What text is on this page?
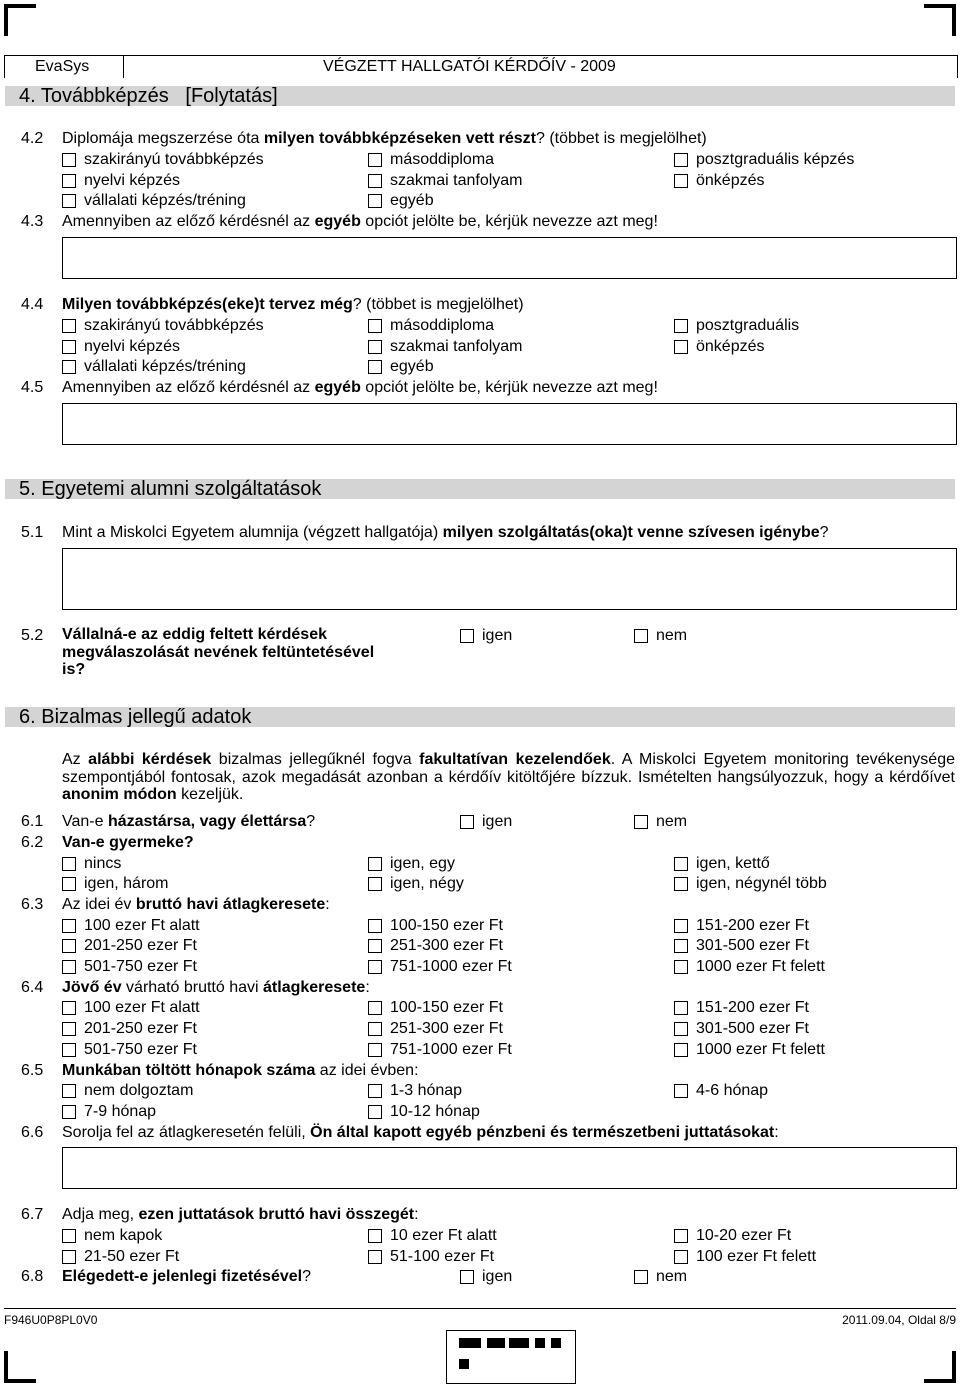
EvaSys	VÉGZETT HALLGATÓI KÉRDŐÍV - 2009
4. Továbbképzés   [Folytatás]
4.2 Diplomája megszerzése óta milyen továbbképzéseken vett részt? (többet is megjelölhet)
szakirányú továbbképzés	másoddiploma	posztgraduális képzés
nyelvi képzés	szakmai tanfolyam	önképzés
vállalati képzés/tréning	egyéb
4.3 Amennyiben az előző kérdésnél az egyéb opciót jelölte be, kérjük nevezze azt meg!
4.4 Milyen továbbképzés(eke)t tervez még? (többet is megjelölhet)
szakirányú továbbképzés	másoddiploma	posztgraduális
nyelvi képzés	szakmai tanfolyam	önképzés
vállalati képzés/tréning	egyéb
4.5 Amennyiben az előző kérdésnél az egyéb opciót jelölte be, kérjük nevezze azt meg!
5. Egyetemi alumni szolgáltatások
5.1 Mint a Miskolci Egyetem alumnija (végzett hallgatója) milyen szolgáltatás(oka)t venne szívesen igénybe?
5.2 Vállalná-e az eddig feltett kérdések
megválaszolását nevének feltüntetésével
is?
igen	nem
6. Bizalmas jellegű adatok
Az alábbi kérdések bizalmas jellegűknél fogva fakultatívan kezelendőek. A Miskolci Egyetem monitoring tevékenysége szempontjából fontosak, azok megadását azonban a kérdőív kitöltőjére bízzuk. Ismételten hangsúlyozzuk, hogy a kérdőívet anonim módon kezeljük.
6.1 Van-e házastársa, vagy élettársa?	igen	nem
6.2 Van-e gyermeke?
nincs	igen, egy	igen, kettő
igen, három	igen, négy	igen, négynél több
6.3 Az idei év bruttó havi átlagkeresete:
100 ezer Ft alatt	100-150 ezer Ft	151-200 ezer Ft
201-250 ezer Ft	251-300 ezer Ft	301-500 ezer Ft
501-750 ezer Ft	751-1000 ezer Ft	1000 ezer Ft felett
6.4 Jövő év várható bruttó havi átlagkeresete:
100 ezer Ft alatt	100-150 ezer Ft	151-200 ezer Ft
201-250 ezer Ft	251-300 ezer Ft	301-500 ezer Ft
501-750 ezer Ft	751-1000 ezer Ft	1000 ezer Ft felett
6.5 Munkában töltött hónapok száma az idei évben:
nem dolgoztam	1-3 hónap	4-6 hónap
7-9 hónap	10-12 hónap
6.6 Sorolja fel az átlagkeresetén felüli, Ön által kapott egyéb pénzbeni és természetbeni juttatásokat:
6.7 Adja meg, ezen juttatások bruttó havi összegét:
nem kapok	10 ezer Ft alatt	10-20 ezer Ft
21-50 ezer Ft	51-100 ezer Ft	100 ezer Ft felett
6.8 Elégedett-e jelenlegi fizetésével?	igen	nem
F946U0P8PL0V0	2011.09.04, Oldal 8/9
